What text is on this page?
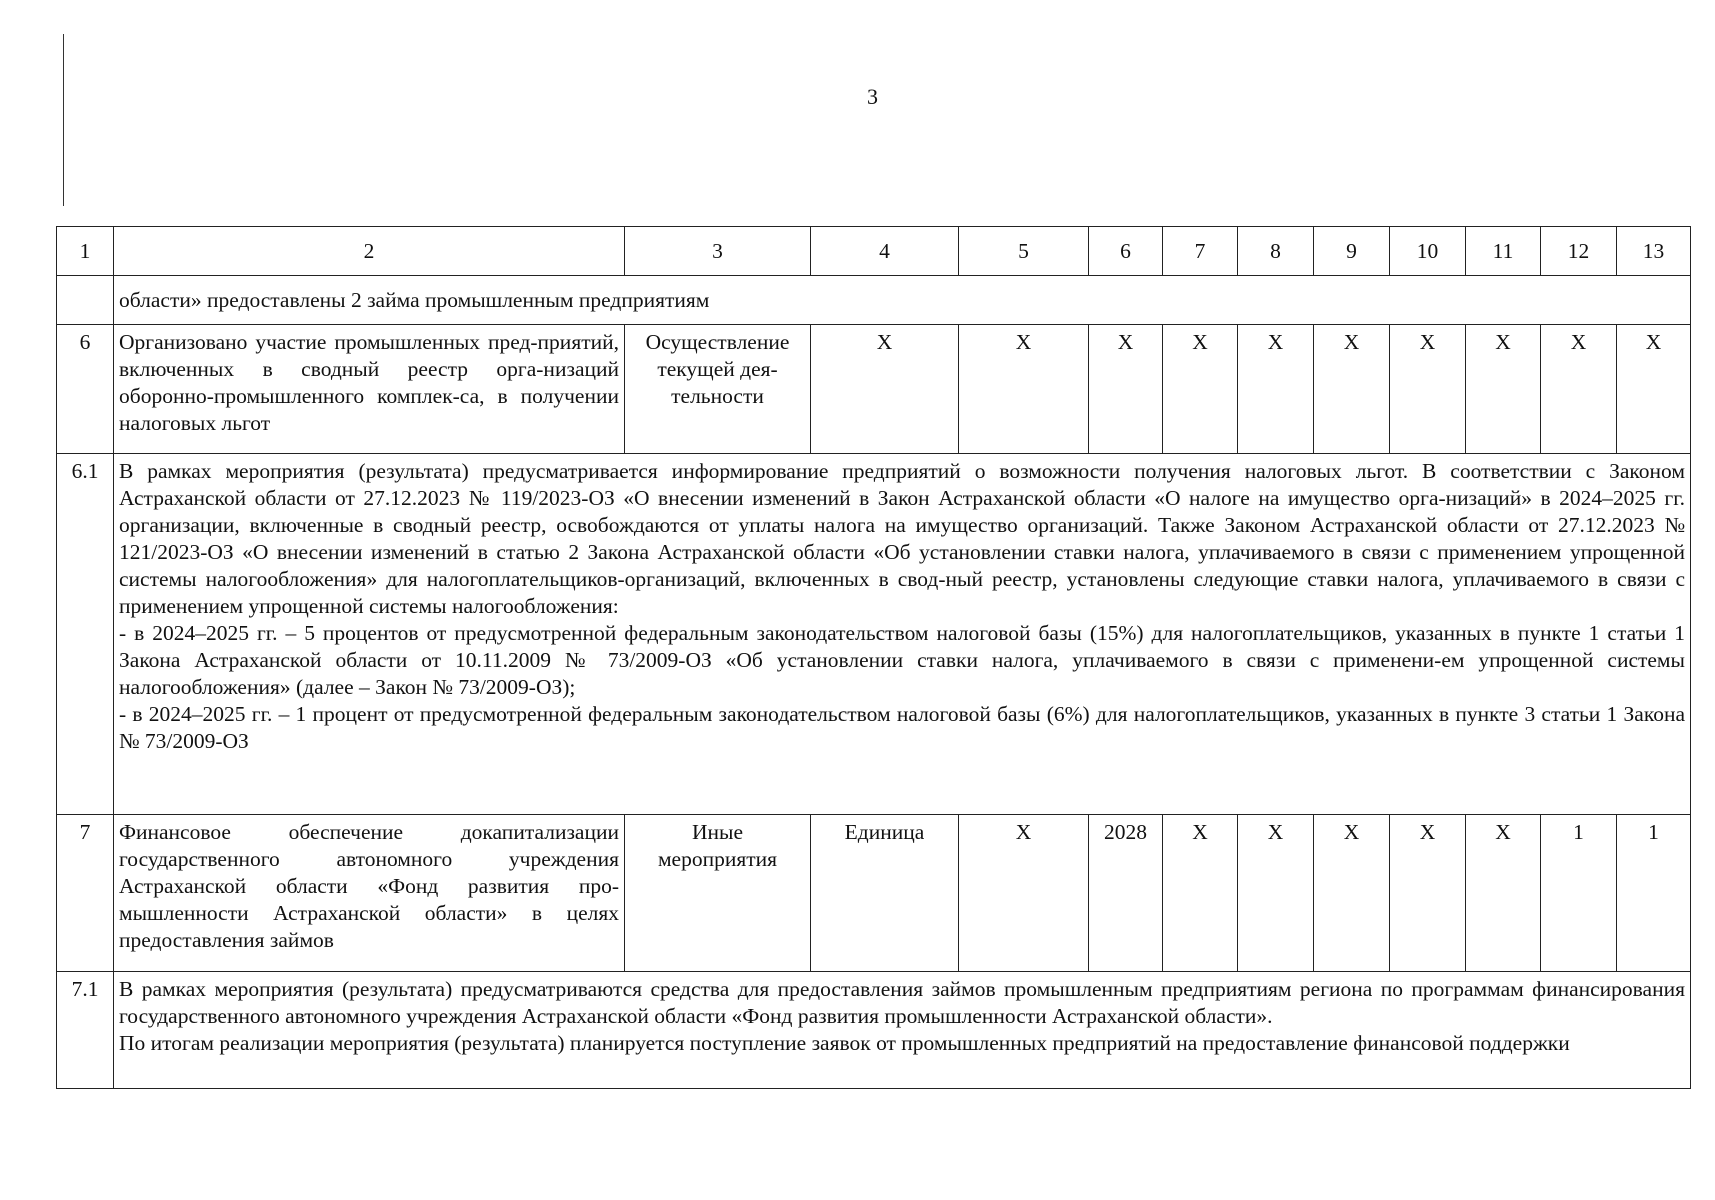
3
1	2	3	4	5	6	7	8	9	10	11	12	13
	области» предоставлены 2 займа промышленным предприятиям											
6	Организовано участие промышленных пред-приятий, включенных в сводный реестр орга-низаций оборонно-промышленного комплек-са, в получении налоговых льгот	Осуществление текущей дея-тельности	X	X	X	X	X	X	X	X	X	X
6.1	В рамках мероприятия (результата) предусматривается информирование предприятий о возможности получения налоговых льгот. В соответствии с Законом Астраханской области от 27.12.2023 № 119/2023-ОЗ «О внесении изменений в Закон Астраханской области «О налоге на имущество орга-низаций» в 2024–2025 гг. организации, включенные в сводный реестр, освобождаются от уплаты налога на имущество организаций. Также Законом Астраханской области от 27.12.2023 № 121/2023-ОЗ «О внесении изменений в статью 2 Закона Астраханской области «Об установлении ставки налога, уплачиваемого в связи с применением упрощенной системы налогообложения» для налогоплательщиков-организаций, включенных в свод-ный реестр, установлены следующие ставки налога, уплачиваемого в связи с применением упрощенной системы налогообложения:
- в 2024–2025 гг. – 5 процентов от предусмотренной федеральным законодательством налоговой базы (15%) для налогоплательщиков, указанных в пункте 1 статьи 1 Закона Астраханской области от 10.11.2009 № 73/2009-ОЗ «Об установлении ставки налога, уплачиваемого в связи с применени-ем упрощенной системы налогообложения» (далее – Закон № 73/2009-ОЗ);
- в 2024–2025 гг. – 1 процент от предусмотренной федеральным законодательством налоговой базы (6%) для налогоплательщиков, указанных в пункте 3 статьи 1 Закона № 73/2009-ОЗ											

7	Финансовое обеспечение докапитализации государственного автономного учреждения Астраханской области «Фонд развития про-мышленности Астраханской области» в целях предоставления займов	Иные мероприятия	Единица	X	2028	X	X	X	X	X	1	1
7.1	В рамках мероприятия (результата) предусматриваются средства для предоставления займов промышленным предприятиям региона по программам финансирования государственного автономного учреждения Астраханской области «Фонд развития промышленности Астраханской области».
По итогам реализации мероприятия (результата) планируется поступление заявок от промышленных предприятий на предоставление финансовой поддержки											
